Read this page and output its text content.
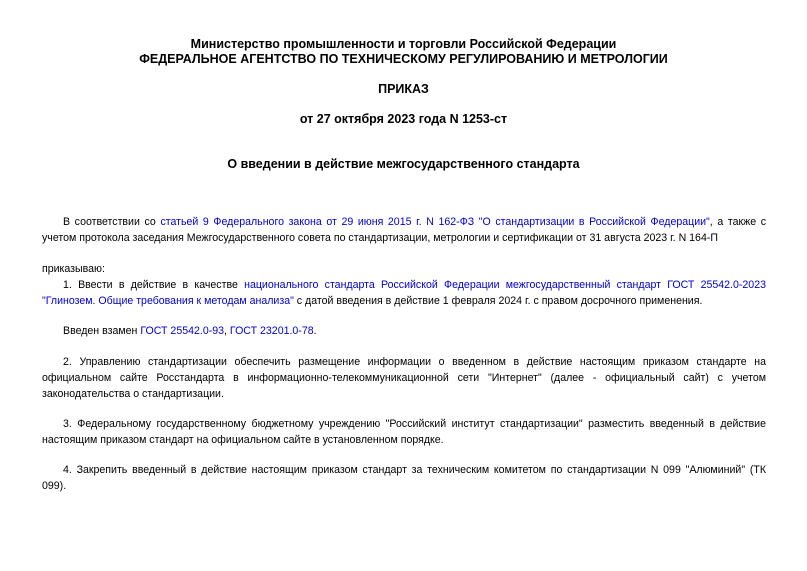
Министерство промышленности и торговли Российской Федерации
ФЕДЕРАЛЬНОЕ АГЕНТСТВО ПО ТЕХНИЧЕСКОМУ РЕГУЛИРОВАНИЮ И МЕТРОЛОГИИ
ПРИКАЗ
от 27 октября 2023 года N 1253-ст
О введении в действие межгосударственного стандарта
В соответствии со статьей 9 Федерального закона от 29 июня 2015 г. N 162-ФЗ "О стандартизации в Российской Федерации", а также с
учетом протокола заседания Межгосударственного совета по стандартизации, метрологии и сертификации от 31 августа 2023 г. N 164-П
приказываю:
1. Ввести в действие в качестве национального стандарта Российской Федерации межгосударственный стандарт ГОСТ 25542.0-2023
"Глинозем. Общие требования к методам анализа" с датой введения в действие 1 февраля 2024 г. с правом досрочного применения.
Введен взамен ГОСТ 25542.0-93, ГОСТ 23201.0-78.
2. Управлению стандартизации обеспечить размещение информации о введенном в действие настоящим приказом стандарте на
официальном сайте Росстандарта в информационно-телекоммуникационной сети "Интернет" (далее - официальный сайт) с учетом
законодательства о стандартизации.
3. Федеральному государственному бюджетному учреждению "Российский институт стандартизации" разместить введенный в действие
настоящим приказом стандарт на официальном сайте в установленном порядке.
4. Закрепить введенный в действие настоящим приказом стандарт за техническим комитетом по стандартизации N 099 "Алюминий" (ТК
099).
